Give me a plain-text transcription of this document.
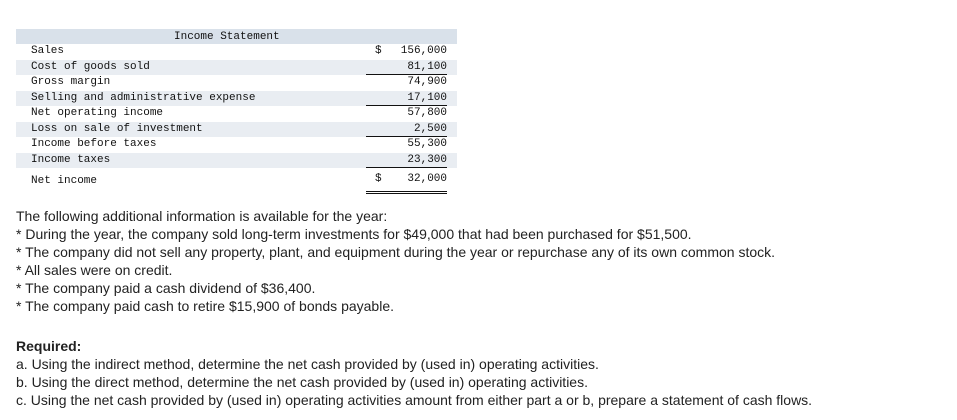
Income Statement
Sales	$ 156,000
Cost of goods sold	81,100
Gross margin	74,900
Selling and administrative expense	17,100
Net operating income	57,800
Loss on sale of investment	2,500
Income before taxes	55,300
Income taxes	23,300
Net income	$ 32,000

The following additional information is available for the year:

* During the year, the company sold long-term investments for $49,000 that had been purchased for $51,500.

* The company did not sell any property, plant, and equipment during the year or repurchase any of its own common stock.

* All sales were on credit.

* The company paid a cash dividend of $36,400.

* The company paid cash to retire $15,900 of bonds payable.

Required:

a. Using the indirect method, determine the net cash provided by (used in) operating activities.

b. Using the direct method, determine the net cash provided by (used in) operating activities.

c. Using the net cash provided by (used in) operating activities amount from either part a or b, prepare a statement of cash flows.
